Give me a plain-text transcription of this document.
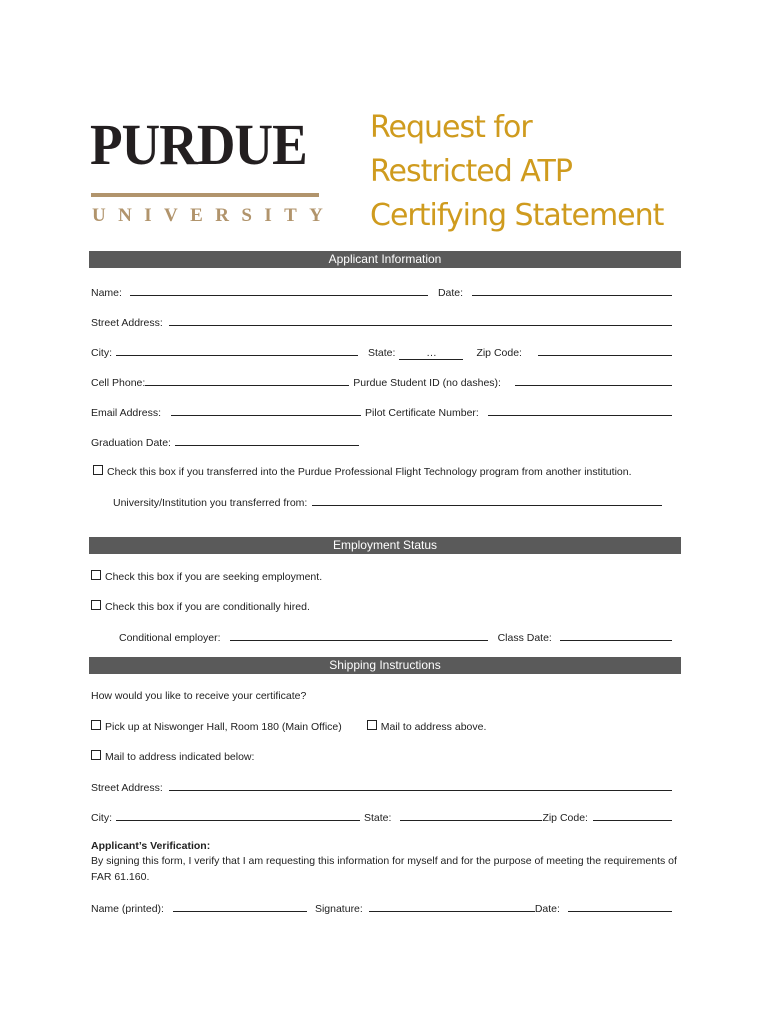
PURDUE
UNIVERSITY
Request for
Restricted ATP
Certifying Statement
Applicant Information
Name:	Date:
Street Address:
City:	State:	…	Zip Code:
Cell Phone:	Purdue Student ID (no dashes):
Email Address:	Pilot Certificate Number:
Graduation Date:
Check this box if you transferred into the Purdue Professional Flight Technology program from another institution.
University/Institution you transferred from:
Employment Status
Check this box if you are seeking employment.
Check this box if you are conditionally hired.
Conditional employer:	Class Date:
Shipping Instructions
How would you like to receive your certificate?
Pick up at Niswonger Hall, Room 180 (Main Office)	Mail to address above.
Mail to address indicated below:
Street Address:
City:	State:	Zip Code:
Applicant’s Verification:
By signing this form, I verify that I am requesting this information for myself and for the purpose of meeting the requirements of FAR 61.160.
Name (printed):	Signature:	Date:
